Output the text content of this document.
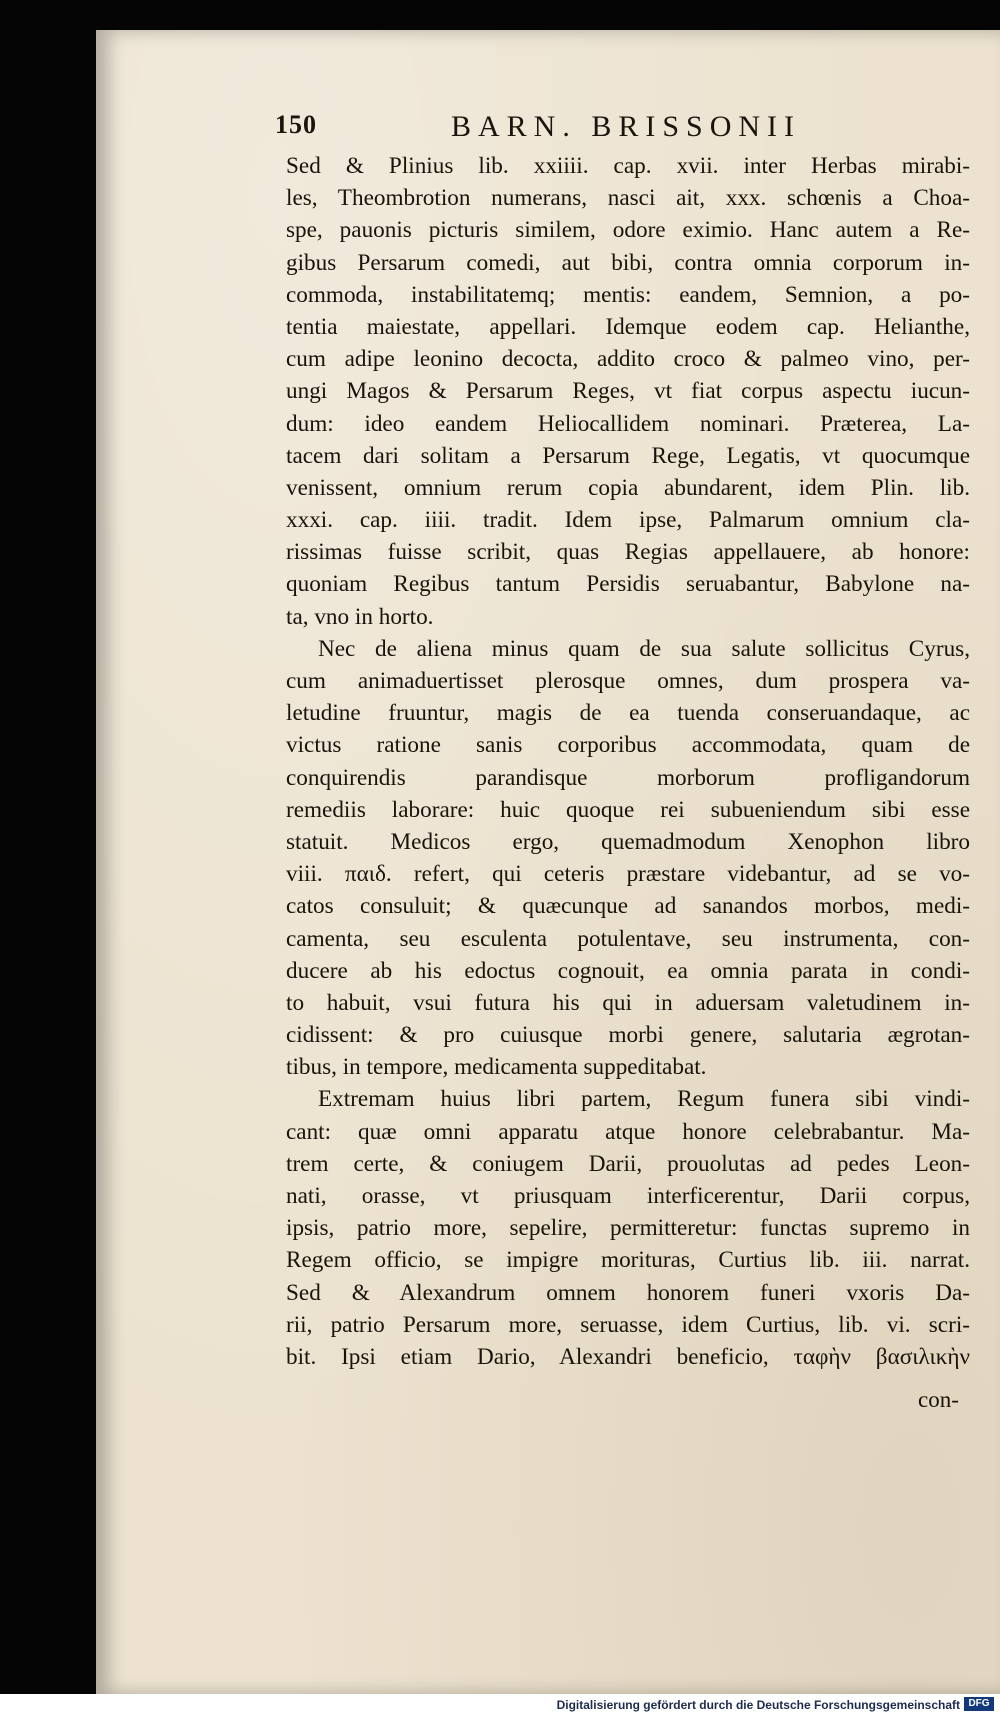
150	BARN. BRISSONII
Sed & Plinius lib. xxiiii. cap. xvii. inter Herbas mirabi-
les, Theombrotion numerans, nasci ait, xxx. schœnis a Choa-
spe, pauonis picturis similem, odore eximio. Hanc autem a Re-
gibus Persarum comedi, aut bibi, contra omnia corporum in-
commoda, instabilitatemq; mentis: eandem, Semnion, a po-
tentia maiestate, appellari. Idemque eodem cap. Helianthe,
cum adipe leonino decocta, addito croco & palmeo vino, per-
ungi Magos & Persarum Reges, vt fiat corpus aspectu iucun-
dum: ideo eandem Heliocallidem nominari. Præterea, La-
tacem dari solitam a Persarum Rege, Legatis, vt quocumque
venissent, omnium rerum copia abundarent, idem Plin. lib.
xxxi. cap. iiii. tradit. Idem ipse, Palmarum omnium cla-
rissimas fuisse scribit, quas Regias appellauere, ab honore:
quoniam Regibus tantum Persidis seruabantur, Babylone na-
ta, vno in horto.
Nec de aliena minus quam de sua salute sollicitus Cyrus,
cum animaduertisset plerosque omnes, dum prospera va-
letudine fruuntur, magis de ea tuenda conseruandaque, ac
victus ratione sanis corporibus accommodata, quam de
conquirendis parandisque morborum profligandorum
remediis laborare: huic quoque rei subueniendum sibi esse
statuit. Medicos ergo, quemadmodum Xenophon libro
viii. παιδ. refert, qui ceteris præstare videbantur, ad se vo-
catos consuluit; & quæcunque ad sanandos morbos, medi-
camenta, seu esculenta potulentave, seu instrumenta, con-
ducere ab his edoctus cognouit, ea omnia parata in condi-
to habuit, vsui futura his qui in aduersam valetudinem in-
cidissent: & pro cuiusque morbi genere, salutaria ægrotan-
tibus, in tempore, medicamenta suppeditabat.
Extremam huius libri partem, Regum funera sibi vindi-
cant: quæ omni apparatu atque honore celebrabantur. Ma-
trem certe, & coniugem Darii, prouolutas ad pedes Leon-
nati, orasse, vt priusquam interficerentur, Darii corpus,
ipsis, patrio more, sepelire, permitteretur: functas supremo in
Regem officio, se impigre morituras, Curtius lib. iii. narrat.
Sed & Alexandrum omnem honorem funeri vxoris Da-
rii, patrio Persarum more, seruasse, idem Curtius, lib. vi. scri-
bit. Ipsi etiam Dario, Alexandri beneficio, ταφὴν βασιλικὴν
con-
Digitalisierung gefördert durch die Deutsche Forschungsgemeinschaft DFG
